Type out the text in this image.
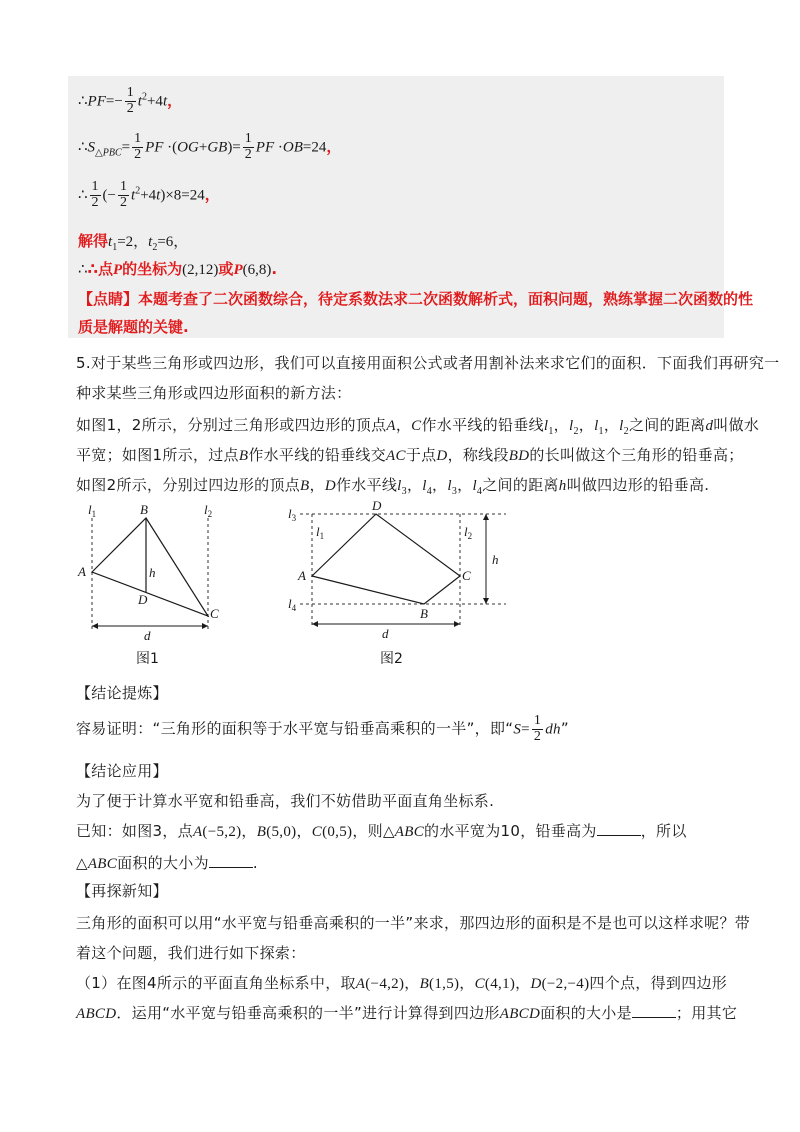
∴PF=− $\frac{1}{2} t^2+4t$，
$\therefore S_{\triangle PBC}= \frac{1}{2}$ PF $\cdot(OG+GB)= \frac{1}{2}$ PF ·OB=24，
∴ $\frac{1}{2}$ (− $\frac{1}{2} t^2+4t)\times 8=24$，
解得$t_1=2$，$t_2=6$，
∴∴点P的坐标为(2,12)或P(6,8).
【点睛】本题考查了二次函数综合，待定系数法求二次函数解析式，面积问题，熟练掌握二次函数的性
质是解题的关键.
5.对于某些三角形或四边形，我们可以直接用面积公式或者用割补法来求它们的面积．下面我们再研究一
种求某些三角形或四边形面积的新方法：
如图1，2所示，分别过三角形或四边形的顶点A，C作水平线的铅垂线$l_1$，$l_2$，$l_1$，$l_2$之间的距离d叫做水
平宽；如图1所示，过点B作水平线的铅垂线交AC于点D，称线段BD的长叫做这个三角形的铅垂高；
如图2所示，分别过四边形的顶点B，D作水平线$l_3$，$l_4$，$l_3$，$l_4$之间的距离h叫做四边形的铅垂高.
$l_1$	$l_2$
B
A
C
D
h
d
图1
$l_3$
$l_4$
$l_1$	$l_2$
D
A	C
B
h
d
图2
【结论提炼】
容易证明：“三角形的面积等于水平宽与铅垂高乘积的一半”，即“$S= \frac{1}{2}$ dh”
【结论应用】
为了便于计算水平宽和铅垂高，我们不妨借助平面直角坐标系.
已知：如图3，点A(−5,2)，B(5,0)，C(0,5)，则△ABC的水平宽为10，铅垂高为	，所以
△ABC面积的大小为	.
【再探新知】
三角形的面积可以用“水平宽与铅垂高乘积的一半”来求，那四边形的面积是不是也可以这样求呢？带
着这个问题，我们进行如下探索：
（1）在图4所示的平面直角坐标系中，取A(−4,2)，B(1,5)，C(4,1)，D(−2,−4)四个点，得到四边形
ABCD．运用“水平宽与铅垂高乘积的一半”进行计算得到四边形ABCD面积的大小是	；用其它
